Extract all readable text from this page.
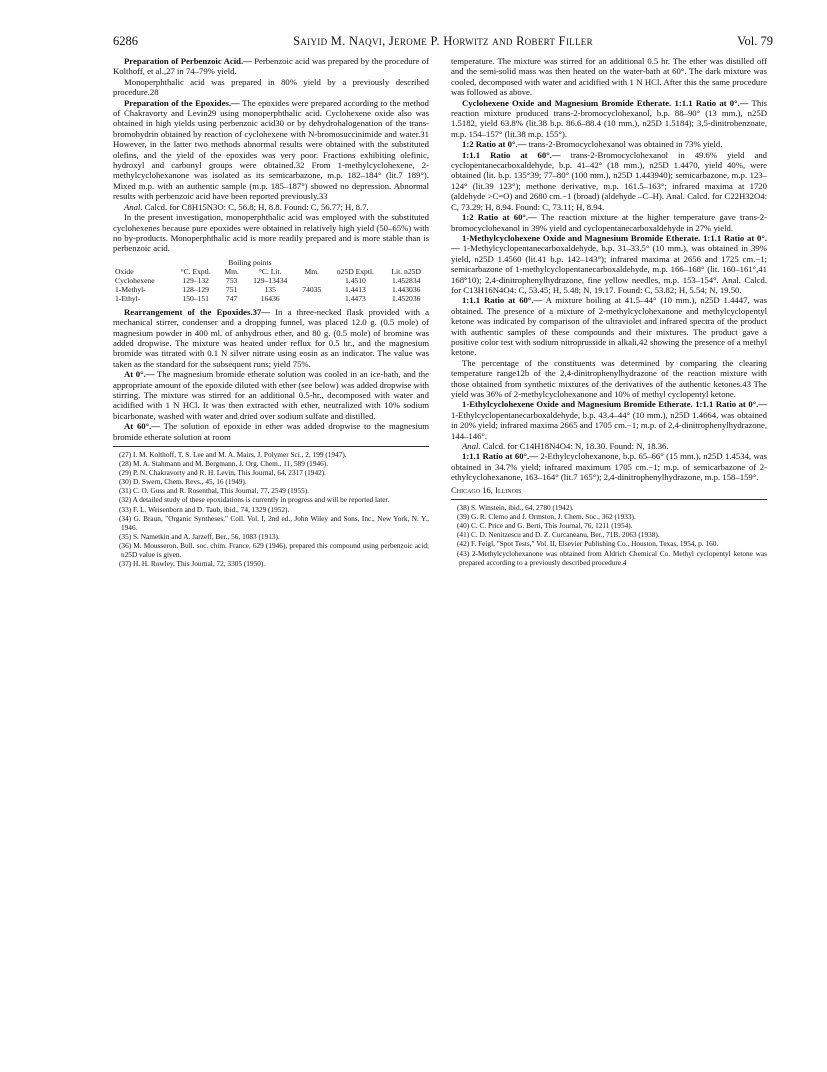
6286	Saiyid M. Naqvi, Jerome P. Horwitz and Robert Filler	Vol. 79

Preparation of Perbenzoic Acid.— Perbenzoic acid was prepared by the procedure of Kolthoff, et al.,27 in 74–79% yield.

Monoperphthalic acid was prepared in 80% yield by a previously described procedure.28

Preparation of the Epoxides.— The epoxides were prepared according to the method of Chakravorty and Levin29 using monoperphthalic acid. Cyclohexene oxide also was obtained in high yields using perbenzoic acid30 or by dehydrohalogenation of the trans-bromohydrin obtained by reaction of cyclohexene with N-bromosuccinimide and water.31 However, in the latter two methods abnormal results were obtained with the substituted olefins, and the yield of the epoxides was very poor. Fractions exhibiting olefinic, hydroxyl and carbonyl groups were obtained.32 From 1-methylcyclohexene, 2-methylcyclohexanone was isolated as its semicarbazone, m.p. 182–184° (lit.7 189°). Mixed m.p. with an authentic sample (m.p. 185–187°) showed no depression. Abnormal results with perbenzoic acid have been reported previously.33

Anal. Calcd. for C8H15N3O: C, 56.8; H, 8.8. Found: C, 56.77; H, 8.7.

In the present investigation, monoperphthalic acid was employed with the substituted cyclohexenes because pure epoxides were obtained in relatively high yield (50–65%) with no by-products. Monoperphthalic acid is more readily prepared and is more stable than is perbenzoic acid.

	Boiling points					
Oxide	°C. Exptl.	Mm.	°C. Lit.	Mm.	n25D Exptl.	Lit. n25D
Cyclohexene	129–132	753	129–13434		1.4510	1.452834
1-Methyl-	128–129	751	135	74035	1.4413	1.443036
1-Ethyl-	150–151	747	16436		1.4473	1.452036

Rearrangement of the Epoxides.37— In a three-necked flask provided with a mechanical stirrer, condenser and a dropping funnel, was placed 12.0 g. (0.5 mole) of magnesium powder in 400 ml. of anhydrous ether, and 80 g. (0.5 mole) of bromine was added dropwise. The mixture was heated under reflux for 0.5 hr., and the magnesium bromide was titrated with 0.1 N silver nitrate using eosin as an indicator. The value was taken as the standard for the subsequent runs; yield 75%.

At 0°.— The magnesium bromide etherate solution was cooled in an ice-bath, and the appropriate amount of the epoxide diluted with ether (see below) was added dropwise with stirring. The mixture was stirred for an additional 0.5-hr., decomposed with water and acidified with 1 N HCl. It was then extracted with ether, neutralized with 10% sodium bicarbonate, washed with water and dried over sodium sulfate and distilled.

At 60°.— The solution of epoxide in ether was added dropwise to the magnesium bromide etherate solution at room

(27) I. M. Kolthoff, T. S. Lee and M. A. Mairs, J. Polymer Sci., 2, 199 (1947).

(28) M. A. Stahmann and M. Bergmann, J. Org. Chem., 11, 589 (1946).

(29) P. N. Chakravorty and R. H. Levin, This Journal, 64, 2317 (1942).

(30) D. Swern, Chem. Revs., 45, 16 (1949).

(31) C. O. Guss and R. Rosenthal, This Journal, 77, 2549 (1955).

(32) A detailed study of these epoxidations is currently in progress and will be reported later.

(33) F. L. Weisenborn and D. Taub, ibid., 74, 1329 (1952).

(34) G. Braun, "Organic Syntheses," Coll. Vol. I, 2nd ed., John Wiley and Sons, Inc., New York, N. Y., 1946.

(35) S. Nametkin and A. Jarzeff, Ber., 56, 1083 (1913).

(36) M. Mousseron, Bull. soc. chim. France, 629 (1946), prepared this compound using perbenzoic acid; n25D value is given.

(37) H. H. Rowley, This Journal, 72, 3305 (1950).

temperature. The mixture was stirred for an additional 0.5 hr. The ether was distilled off and the semi-solid mass was then heated on the water-bath at 60°. The dark mixture was cooled, decomposed with water and acidified with 1 N HCl. After this the same procedure was followed as above.

Cyclohexene Oxide and Magnesium Bromide Etherate. 1:1.1 Ratio at 0°.— This reaction mixture produced trans-2-bromocyclohexanol, b.p. 88–90° (13 mm.), n25D 1.5182, yield 63.8% (lit.38 b.p. 86.6–88.4 (10 mm.), n25D 1.5184); 3,5-dinitrobenzoate, m.p. 154–157° (lit.38 m.p. 155°).

1:2 Ratio at 0°.— trans-2-Bromocyclohexanol was obtained in 73% yield.

1:1.1 Ratio at 60°.— trans-2-Bromocyclohexanol in 49.6% yield and cyclopentanecarboxaldehyde, b.p. 41–42° (18 mm.), n25D 1.4470, yield 40%, were obtained (lit. b.p. 135°39; 77–80° (100 mm.), n25D 1.443940); semicarbazone, m.p. 123–124° (lit.39 123°); methone derivative, m.p. 161.5–163°; infrared maxima at 1720 (aldehyde >C=O) and 2680 cm.−1 (broad) (aldehyde –C–H). Anal. Calcd. for C22H32O4: C, 73.29; H, 8.94. Found: C, 73.11; H, 8.94.

1:2 Ratio at 60°.— The reaction mixture at the higher temperature gave trans-2-bromocyclohexanol in 39% yield and cyclopentanecarboxaldehyde in 27% yield.

1-Methylcyclohexene Oxide and Magnesium Bromide Etherate. 1:1.1 Ratio at 0°.— 1-Methylcyclopentanecarboxaldehyde, b.p. 31–33.5° (10 mm.), was obtained in 39% yield, n25D 1.4560 (lit.41 b.p. 142–143°); infrared maxima at 2656 and 1725 cm.−1; semicarbazone of 1-methylcyclopentanecarboxaldehyde, m.p. 166–168° (lit. 160–161°,41 168°10); 2,4-dinitrophenylhydrazone, fine yellow needles, m.p. 153–154°. Anal. Calcd. for C13H16N4O4: C, 53.45; H, 5.48; N, 19.17. Found: C, 53.82; H, 5.54; N, 19.50.

1:1.1 Ratio at 60°.— A mixture boiling at 41.5–44° (10 mm.), n25D 1.4447, was obtained. The presence of a mixture of 2-methylcyclohexanone and methylcyclopentyl ketone was indicated by comparison of the ultraviolet and infrared spectra of the product with authentic samples of these compounds and their mixtures. The product gave a positive color test with sodium nitroprusside in alkali,42 showing the presence of a methyl ketone.

The percentage of the constituents was determined by comparing the clearing temperature range12b of the 2,4-dinitrophenylhydrazone of the reaction mixture with those obtained from synthetic mixtures of the derivatives of the authentic ketones.43 The yield was 36% of 2-methylcyclohexanone and 10% of methyl cyclopentyl ketone.

1-Ethylcyclohexene Oxide and Magnesium Bromide Etherate. 1:1.1 Ratio at 0°.— 1-Ethylcyclopentanecarboxaldehyde, b.p. 43.4–44° (10 mm.), n25D 1.4664, was obtained in 20% yield; infrared maxima 2665 and 1705 cm.−1; m.p. of 2,4-dinitrophenylhydrazone, 144–146°.

Anal. Calcd. for C14H18N4O4: N, 18.30. Found: N, 18.36.

1:1.1 Ratio at 60°.— 2-Ethylcyclohexanone, b.p. 65–66° (15 mm.), n25D 1.4534, was obtained in 34.7% yield; infrared maximum 1705 cm.−1; m.p. of semicarbazone of 2-ethylcyclohexanone, 163–164° (lit.7 165°); 2,4-dinitrophenylhydrazone, m.p. 158–159°.

Chicago 16, Illinois

(38) S. Winstein, ibid., 64, 2780 (1942).

(39) G. R. Clemo and J. Ormston, J. Chem. Soc., 362 (1933).

(40) C. C. Price and G. Berti, This Journal, 76, 1211 (1954).

(41) C. D. Nenitzescu and D. Z. Curcaneanu, Ber., 71B, 2063 (1938).

(42) F. Feigl, "Spot Tests," Vol. II, Elsevier Publishing Co., Houston, Texas, 1954, p. 160.

(43) 2-Methylcyclohexanone was obtained from Aldrich Chemical Co. Methyl cyclopentyl ketone was prepared according to a previously described procedure.4
